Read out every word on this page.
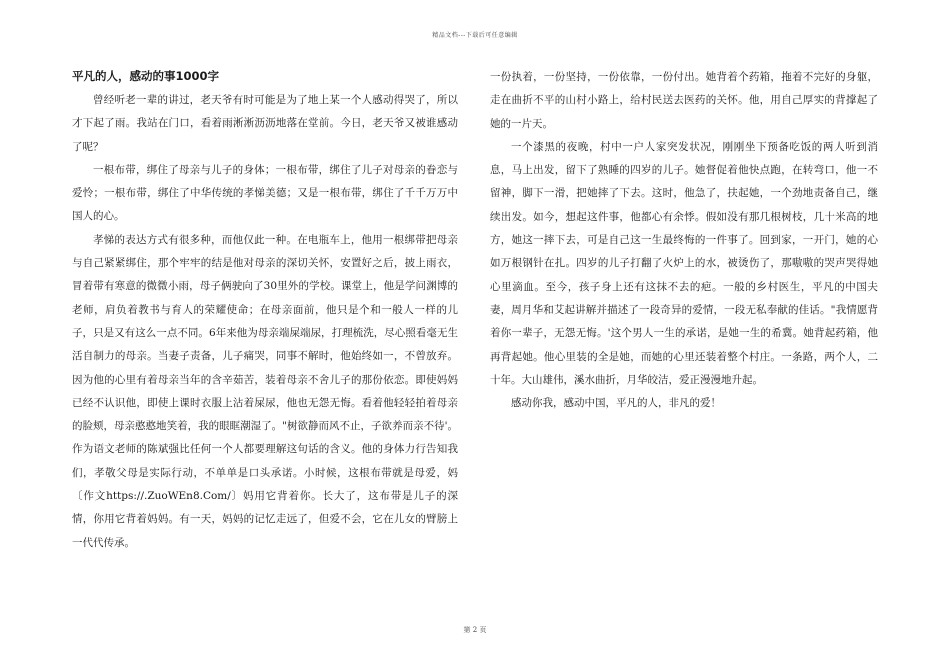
精品文档---下载后可任意编辑
平凡的人，感动的事1000字

曾经听老一辈的讲过，老天爷有时可能是为了地上某一个人感动得哭了，所以才下起了雨。我站在门口，看着雨淅淅沥沥地落在堂前。今日，老天爷又被谁感动了呢？

一根布带，绑住了母亲与儿子的身体；一根布带，绑住了儿子对母亲的眷恋与爱怜；一根布带，绑住了中华传统的孝悌美德；又是一根布带，绑住了千千万万中国人的心。

孝悌的表达方式有很多种，而他仅此一种。在电瓶车上，他用一根绑带把母亲与自己紧紧绑住，那个牢牢的结是他对母亲的深切关怀，安置好之后，披上雨衣，冒着带有寒意的微微小雨，母子俩驶向了30里外的学校。课堂上，他是学问渊博的老师，肩负着教书与育人的荣耀使命；在母亲面前，他只是个和一般人一样的儿子，只是又有这么一点不同。6年来他为母亲端屎端尿，打理梳洗，尽心照看毫无生活自制力的母亲。当妻子责备，儿子痛哭，同事不解时，他始终如一，不曾放弃。因为他的心里有着母亲当年的含辛茹苦，装着母亲不舍儿子的那份依恋。即使妈妈已经不认识他，即使上课时衣服上沾着屎尿，他也无怨无悔。看着他轻轻拍着母亲的脸颊，母亲憨憨地笑着，我的眼眶潮湿了。"树欲静而风不止，子欲养而亲不待'。作为语文老师的陈斌强比任何一个人都要理解这句话的含义。他的身体力行告知我们，孝敬父母是实际行动，不单单是口头承诺。小时候，这根布带就是母爱，妈〔作文https://.ZuoWEn8.Com/〕妈用它背着你。长大了，这布带是儿子的深情，你用它背着妈妈。有一天，妈妈的记忆走远了，但爱不会，它在儿女的臂膀上一代代传承。

一份执着，一份坚持，一份依靠，一份付出。她背着个药箱，拖着不完好的身躯，走在曲折不平的山村小路上，给村民送去医药的关怀。他，用自己厚实的背撑起了她的一片天。

一个漆黑的夜晚，村中一户人家突发状况，刚刚坐下预备吃饭的两人听到消息，马上出发，留下了熟睡的四岁的儿子。她督促着他快点跑，在转弯口，他一不留神，脚下一滑，把她摔了下去。这时，他急了，扶起她，一个劲地责备自己，继续出发。如今，想起这件事，他都心有余悸。假如没有那几根树枝，几十米高的地方，她这一摔下去，可是自己这一生最终悔的一件事了。回到家，一开门，她的心如万根钢针在扎。四岁的儿子打翻了火炉上的水，被烫伤了，那嗷嗷的哭声哭得她心里滴血。至今，孩子身上还有这抹不去的疤。一般的乡村医生，平凡的中国夫妻，周月华和艾起讲解并描述了一段奇异的爱情，一段无私奉献的佳话。"我情愿背着你一辈子，无怨无悔。'这个男人一生的承诺，是她一生的希冀。她背起药箱，他再背起她。他心里装的全是她，而她的心里还装着整个村庄。一条路，两个人，二十年。大山雄伟，溪水曲折，月华皎洁，爱正漫漫地升起。

感动你我，感动中国，平凡的人，非凡的爱！

第 2 页
